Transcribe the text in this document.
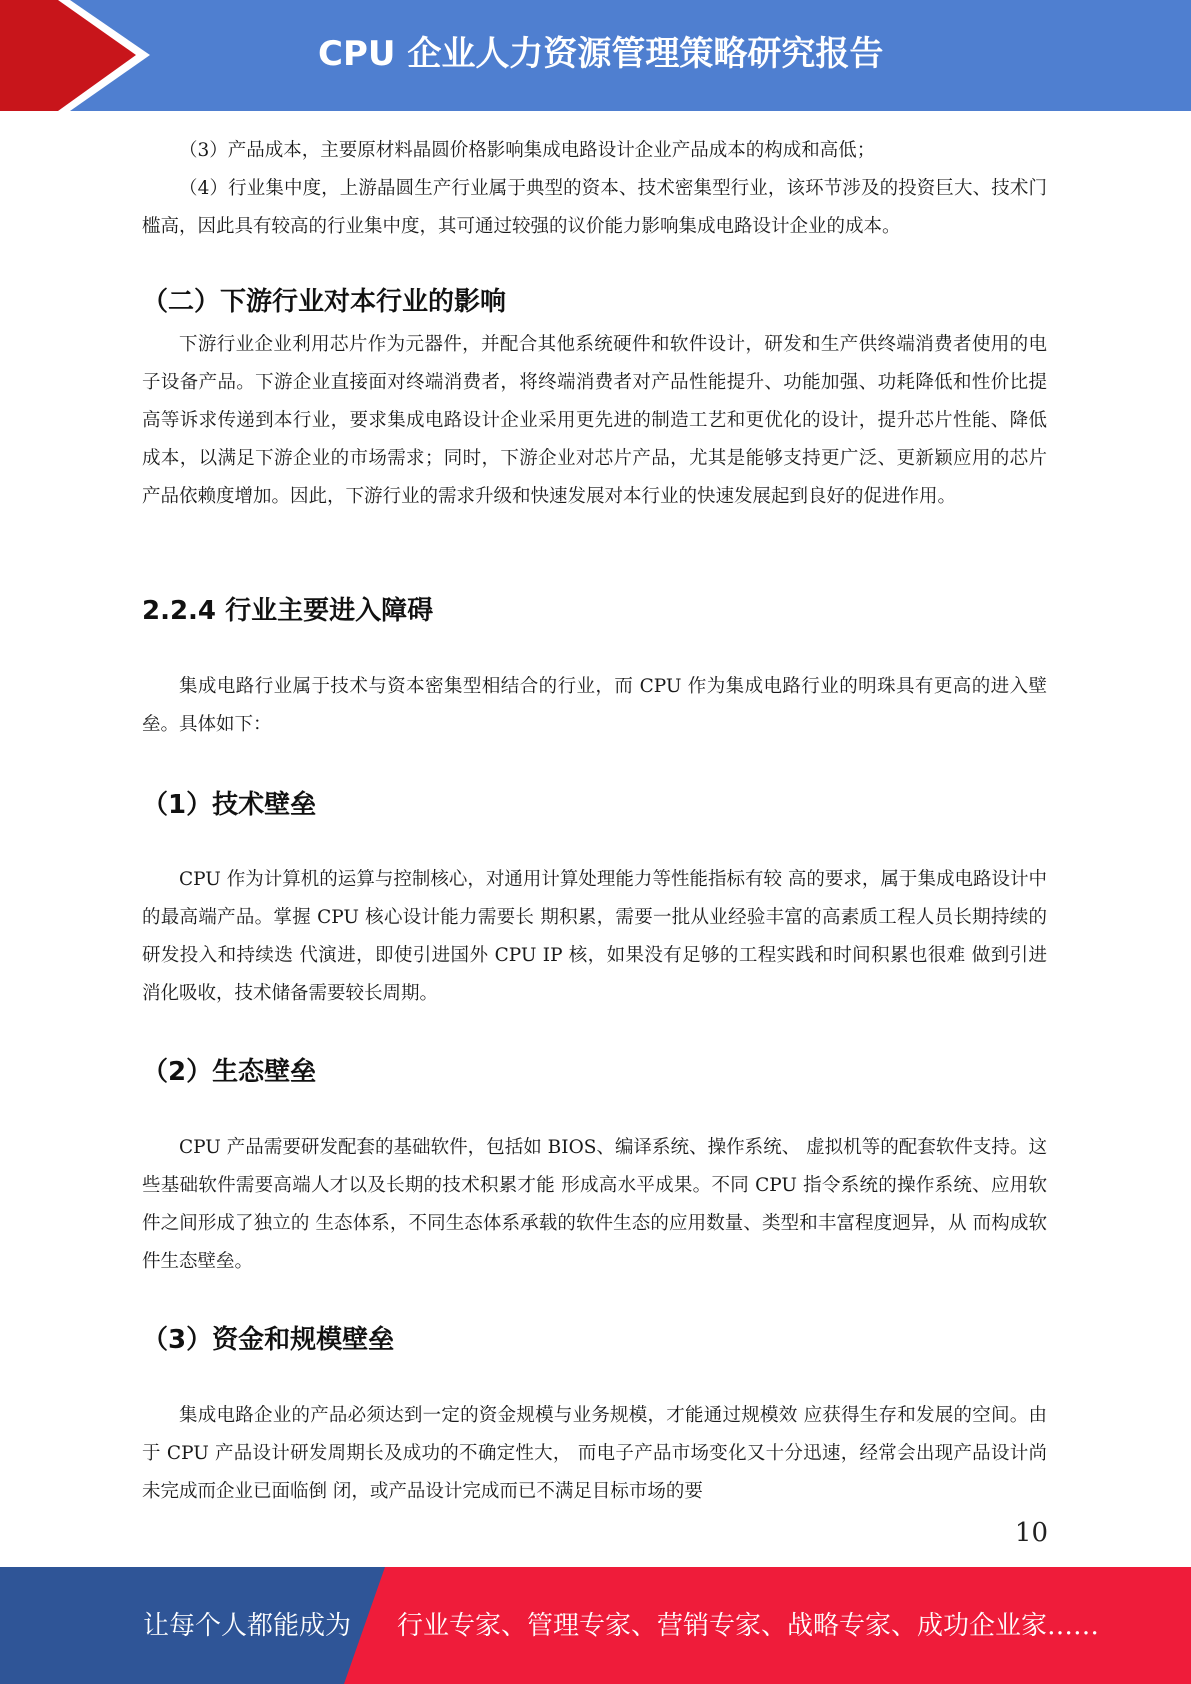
CPU 企业人力资源管理策略研究报告

（3）产品成本，主要原材料晶圆价格影响集成电路设计企业产品成本的构成和高低；

（4）行业集中度，上游晶圆生产行业属于典型的资本、技术密集型行业，该环节涉及的投资巨大、技术门槛高，因此具有较高的行业集中度，其可通过较强的议价能力影响集成电路设计企业的成本。

（二）下游行业对本行业的影响

下游行业企业利用芯片作为元器件，并配合其他系统硬件和软件设计，研发和生产供终端消费者使用的电子设备产品。下游企业直接面对终端消费者，将终端消费者对产品性能提升、功能加强、功耗降低和性价比提高等诉求传递到本行业，要求集成电路设计企业采用更先进的制造工艺和更优化的设计，提升芯片性能、降低成本，以满足下游企业的市场需求；同时，下游企业对芯片产品，尤其是能够支持更广泛、更新颖应用的芯片产品依赖度增加。因此，下游行业的需求升级和快速发展对本行业的快速发展起到良好的促进作用。

2.2.4 行业主要进入障碍

集成电路行业属于技术与资本密集型相结合的行业，而 CPU 作为集成电路行业的明珠具有更高的进入壁垒。具体如下：

（1）技术壁垒

CPU 作为计算机的运算与控制核心，对通用计算处理能力等性能指标有较 高的要求，属于集成电路设计中的最高端产品。掌握 CPU 核心设计能力需要长 期积累，需要一批从业经验丰富的高素质工程人员长期持续的研发投入和持续迭 代演进，即使引进国外 CPU IP 核，如果没有足够的工程实践和时间积累也很难 做到引进消化吸收，技术储备需要较长周期。

（2）生态壁垒

CPU 产品需要研发配套的基础软件，包括如 BIOS、编译系统、操作系统、 虚拟机等的配套软件支持。这些基础软件需要高端人才以及长期的技术积累才能 形成高水平成果。不同 CPU 指令系统的操作系统、应用软件之间形成了独立的 生态体系，不同生态体系承载的软件生态的应用数量、类型和丰富程度迥异，从 而构成软件生态壁垒。

（3）资金和规模壁垒

集成电路企业的产品必须达到一定的资金规模与业务规模，才能通过规模效 应获得生存和发展的空间。由于 CPU 产品设计研发周期长及成功的不确定性大， 而电子产品市场变化又十分迅速，经常会出现产品设计尚未完成而企业已面临倒 闭，或产品设计完成而已不满足目标市场的要

10
让每个人都能成为 行业专家、管理专家、营销专家、战略专家、成功企业家……
